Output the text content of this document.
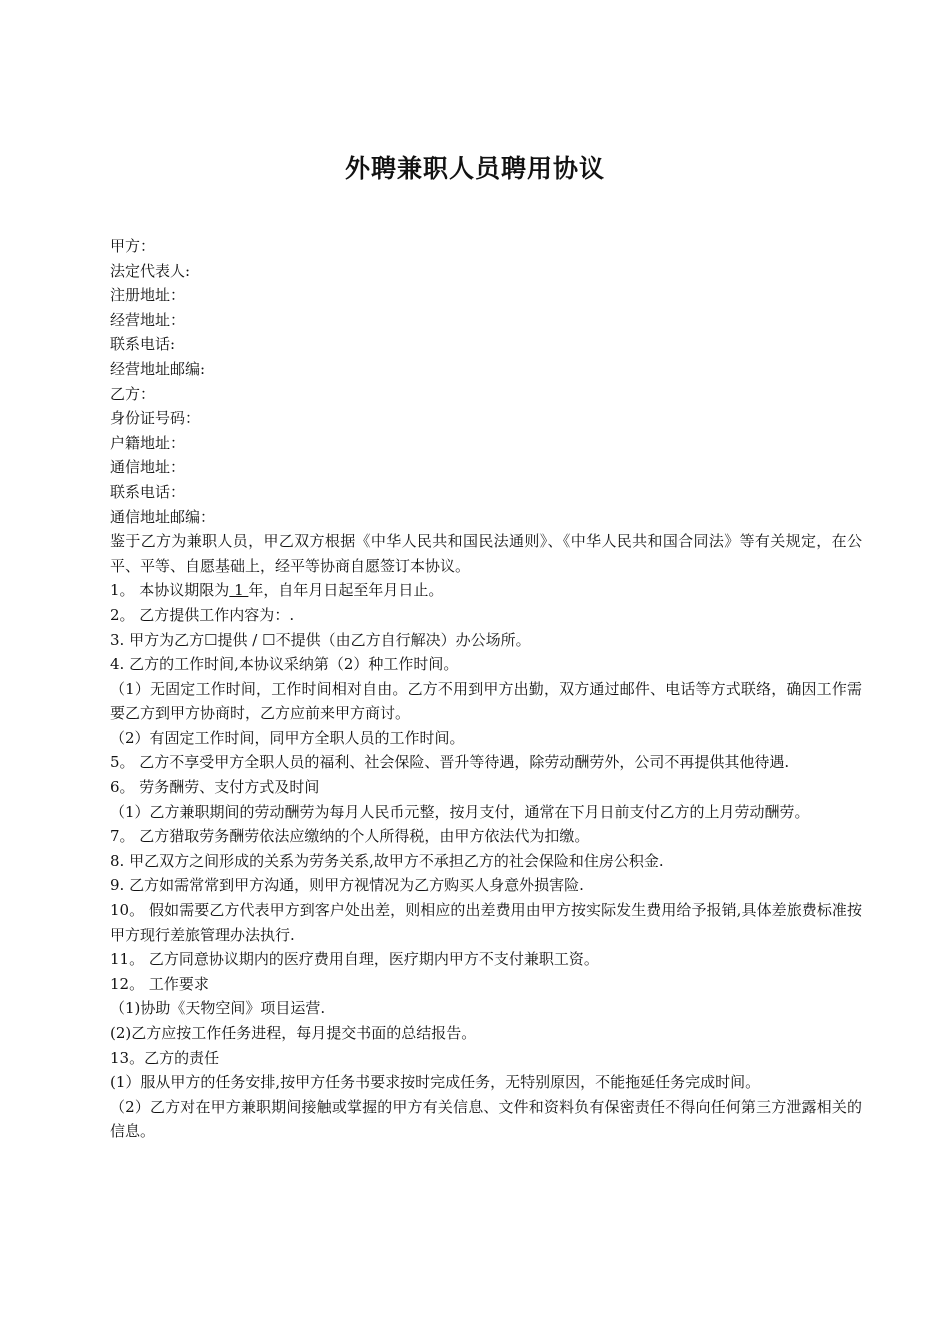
外聘兼职人员聘用协议
甲方：
法定代表人:
注册地址：
经营地址：
联系电话:
经营地址邮编:
乙方：
身份证号码：
户籍地址：
通信地址：
联系电话：
通信地址邮编：
鉴于乙方为兼职人员，甲乙双方根据《中华人民共和国民法通则》、《中华人民共和国合同法》等有关规定，在公平、平等、自愿基础上，经平等协商自愿签订本协议。
1。 本协议期限为 1 年，自年月日起至年月日止。
2。 乙方提供工作内容为：.
3. 甲方为乙方☐提供 / ☐不提供（由乙方自行解决）办公场所。
4. 乙方的工作时间,本协议采纳第（2）种工作时间。
（1）无固定工作时间，工作时间相对自由。乙方不用到甲方出勤，双方通过邮件、电话等方式联络，确因工作需要乙方到甲方协商时，乙方应前来甲方商讨。
（2）有固定工作时间，同甲方全职人员的工作时间。
5。 乙方不享受甲方全职人员的福利、社会保险、晋升等待遇，除劳动酬劳外，公司不再提供其他待遇.
6。 劳务酬劳、支付方式及时间
（1）乙方兼职期间的劳动酬劳为每月人民币元整，按月支付，通常在下月日前支付乙方的上月劳动酬劳。
7。 乙方猎取劳务酬劳依法应缴纳的个人所得税，由甲方依法代为扣缴。
8. 甲乙双方之间形成的关系为劳务关系,故甲方不承担乙方的社会保险和住房公积金.
9. 乙方如需常常到甲方沟通，则甲方视情况为乙方购买人身意外损害险.
10。 假如需要乙方代表甲方到客户处出差，则相应的出差费用由甲方按实际发生费用给予报销,具体差旅费标准按甲方现行差旅管理办法执行.
11。 乙方同意协议期内的医疗费用自理，医疗期内甲方不支付兼职工资。
12。 工作要求
（1)协助《天物空间》项目运营.
(2)乙方应按工作任务进程，每月提交书面的总结报告。
13。乙方的责任
(1）服从甲方的任务安排,按甲方任务书要求按时完成任务，无特别原因，不能拖延任务完成时间。
（2）乙方对在甲方兼职期间接触或掌握的甲方有关信息、文件和资料负有保密责任不得向任何第三方泄露相关的信息。
